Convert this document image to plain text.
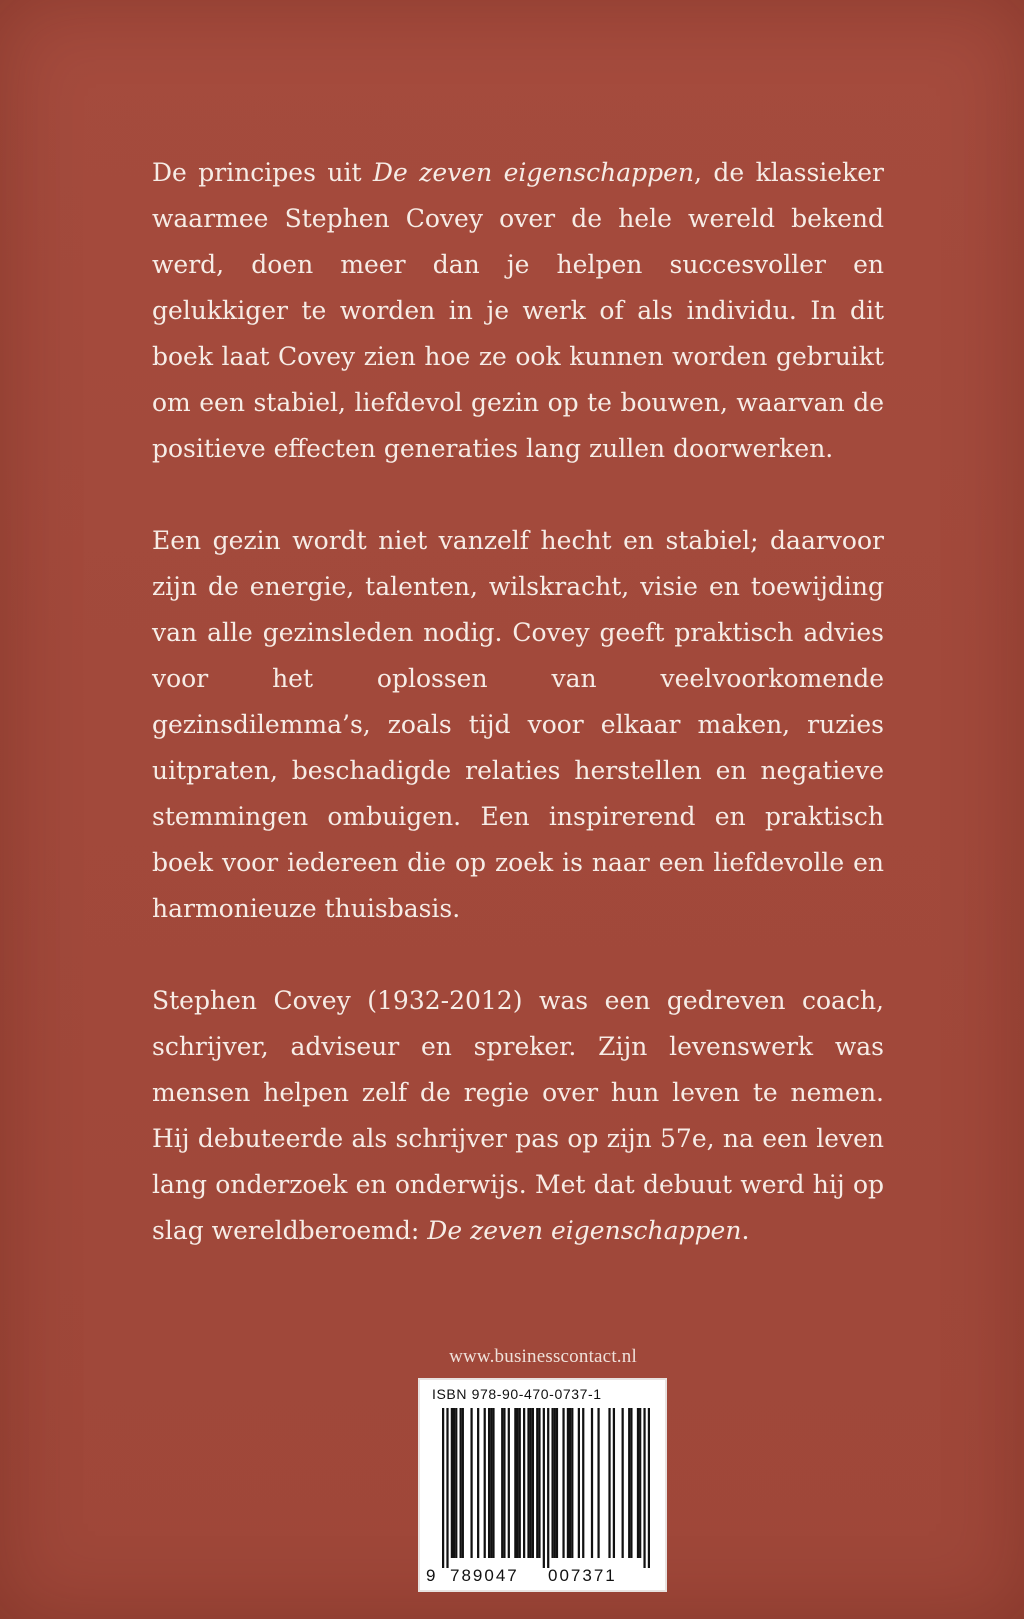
De principes uit De zeven eigenschappen, de klassieker waarmee Stephen Covey over de hele wereld bekend werd, doen meer dan je helpen succesvoller en gelukkiger te worden in je werk of als individu. In dit boek laat Covey zien hoe ze ook kunnen worden gebruikt om een stabiel, liefdevol gezin op te bouwen, waarvan de positieve effecten generaties lang zullen doorwerken.

Een gezin wordt niet vanzelf hecht en stabiel; daarvoor zijn de energie, talenten, wilskracht, visie en toewijding van alle gezinsleden nodig. Covey geeft praktisch advies voor het oplossen van veelvoorkomende gezinsdilemma’s, zoals tijd voor elkaar maken, ruzies uitpraten, beschadigde relaties herstellen en negatieve stemmingen ombuigen. Een inspirerend en praktisch boek voor iedereen die op zoek is naar een liefdevolle en harmonieuze thuisbasis.

Stephen Covey (1932-2012) was een gedreven coach, schrijver, adviseur en spreker. Zijn levenswerk was mensen helpen zelf de regie over hun leven te nemen. Hij debuteerde als schrijver pas op zijn 57e, na een leven lang onderzoek en onderwijs. Met dat debuut werd hij op slag wereldberoemd: De zeven eigenschappen.

www.businesscontact.nl
ISBN 978-90-470-0737-1
9 789047 007371
